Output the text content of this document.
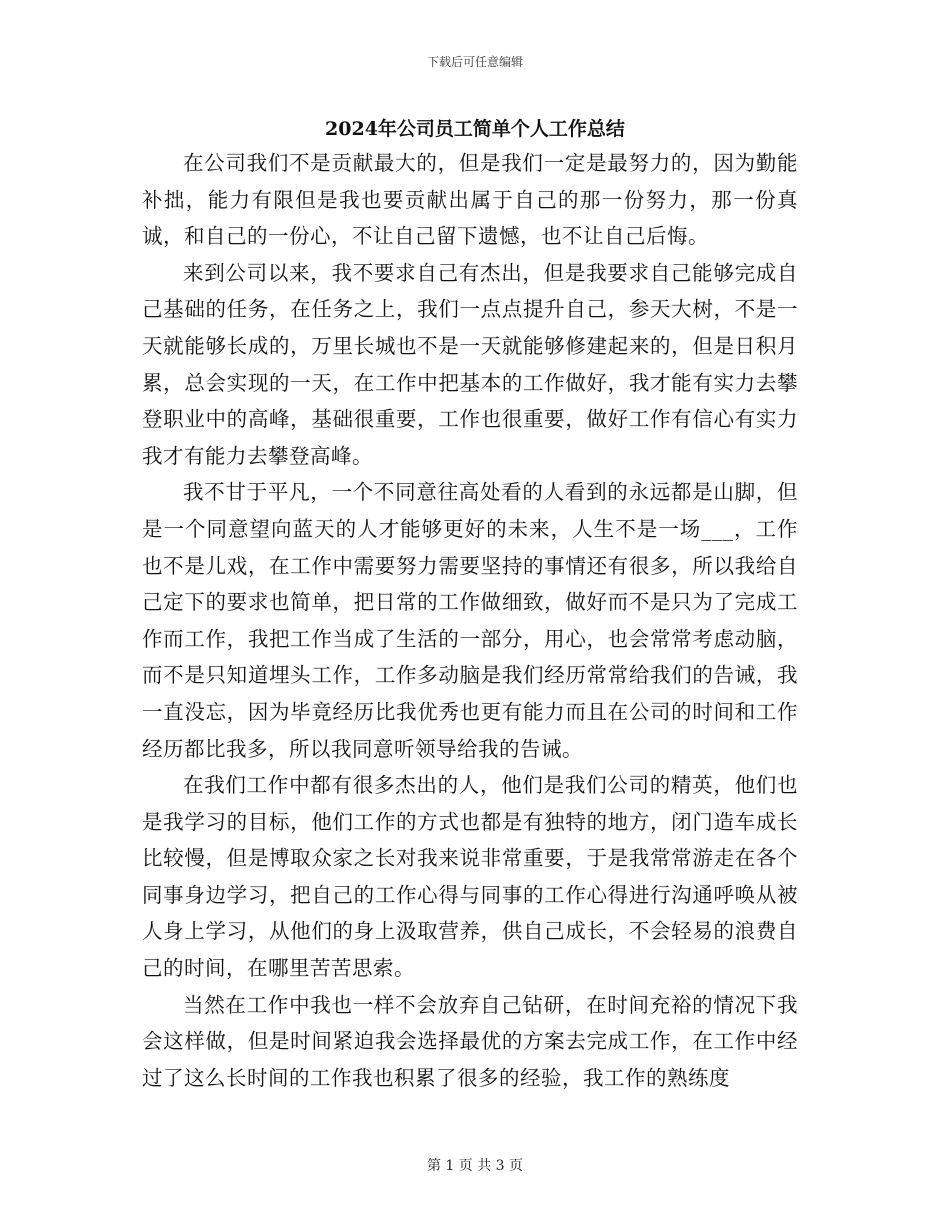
下载后可任意编辑
2024年公司员工简单个人工作总结

在公司我们不是贡献最大的，但是我们一定是最努力的，因为勤能补拙，能力有限但是我也要贡献出属于自己的那一份努力，那一份真诚，和自己的一份心，不让自己留下遗憾，也不让自己后悔。

来到公司以来，我不要求自己有杰出，但是我要求自己能够完成自己基础的任务，在任务之上，我们一点点提升自己，参天大树，不是一天就能够长成的，万里长城也不是一天就能够修建起来的，但是日积月累，总会实现的一天，在工作中把基本的工作做好，我才能有实力去攀登职业中的高峰，基础很重要，工作也很重要，做好工作有信心有实力我才有能力去攀登高峰。

我不甘于平凡，一个不同意往高处看的人看到的永远都是山脚，但是一个同意望向蓝天的人才能够更好的未来，人生不是一场___，工作也不是儿戏，在工作中需要努力需要坚持的事情还有很多，所以我给自己定下的要求也简单，把日常的工作做细致，做好而不是只为了完成工作而工作，我把工作当成了生活的一部分，用心，也会常常考虑动脑，而不是只知道埋头工作，工作多动脑是我们经历常常给我们的告诫，我一直没忘，因为毕竟经历比我优秀也更有能力而且在公司的时间和工作经历都比我多，所以我同意听领导给我的告诫。

在我们工作中都有很多杰出的人，他们是我们公司的精英，他们也是我学习的目标，他们工作的方式也都是有独特的地方，闭门造车成长比较慢，但是博取众家之长对我来说非常重要，于是我常常游走在各个同事身边学习，把自己的工作心得与同事的工作心得进行沟通呼唤从被人身上学习，从他们的身上汲取营养，供自己成长，不会轻易的浪费自己的时间，在哪里苦苦思索。

当然在工作中我也一样不会放弃自己钻研，在时间充裕的情况下我会这样做，但是时间紧迫我会选择最优的方案去完成工作，在工作中经过了这么长时间的工作我也积累了很多的经验，我工作的熟练度

第 1 页 共 3 页
